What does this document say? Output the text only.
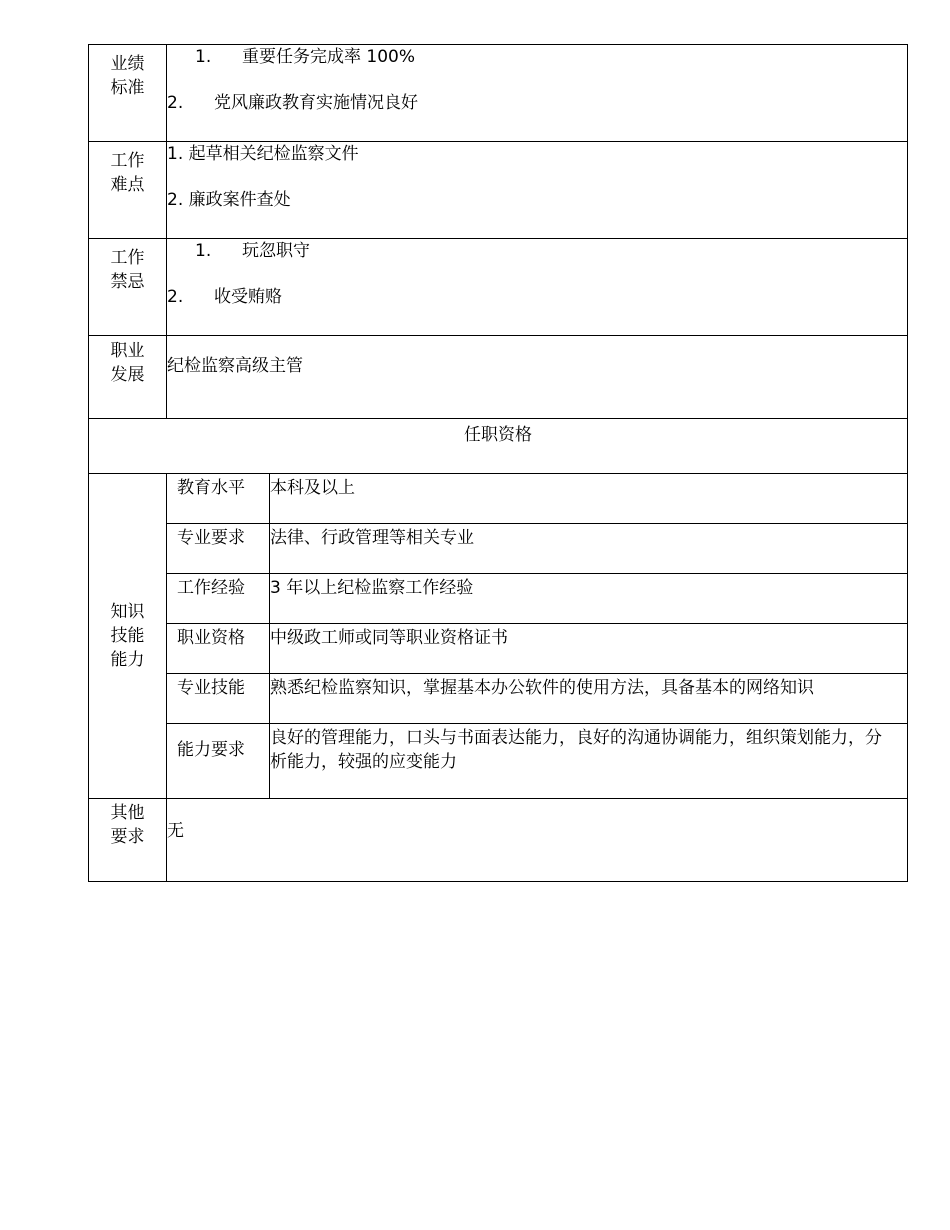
业绩标准	1. 重要任务完成率 100%
2. 党风廉政教育实施情况良好	

工作难点	1. 起草相关纪检监察文件
2. 廉政案件查处	

工作禁忌	1. 玩忽职守
2. 收受贿赂	

职业发展	纪检监察高级主管	

任职资格		
知识技能能力	教育水平	本科及以上
	专业要求	法律、行政管理等相关专业
	工作经验	3 年以上纪检监察工作经验
	职业资格	中级政工师或同等职业资格证书
	专业技能	熟悉纪检监察知识，掌握基本办公软件的使用方法，具备基本的网络知识
	能力要求	良好的管理能力，口头与书面表达能力，良好的沟通协调能力，组织策划能力，分析能力，较强的应变能力
其他要求	无	
